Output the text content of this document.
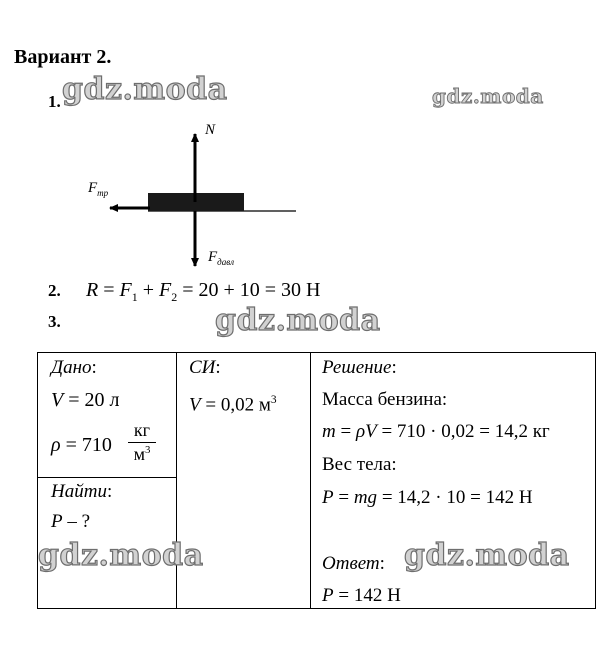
Вариант 2.
1. gdz.moda	gdz.moda
N
$F_{тр}$
$F_{давл}$
2. $R = F_1 + F_2 = 20 + 10 = 30$ Н
3.	gdz.moda
Дано:
V = 20 л
ρ = 710
кг
$м^3$
Найти:
P – ?
gdz.moda
СИ:
V = 0,02 $м^3$
Решение:
Масса бензина:
m = ρV = 710 · 0,02 = 14,2 кг
Вес тела:
P = mg = 14,2 · 10 = 142 Н
Ответ: gdz.moda
P = 142 Н
